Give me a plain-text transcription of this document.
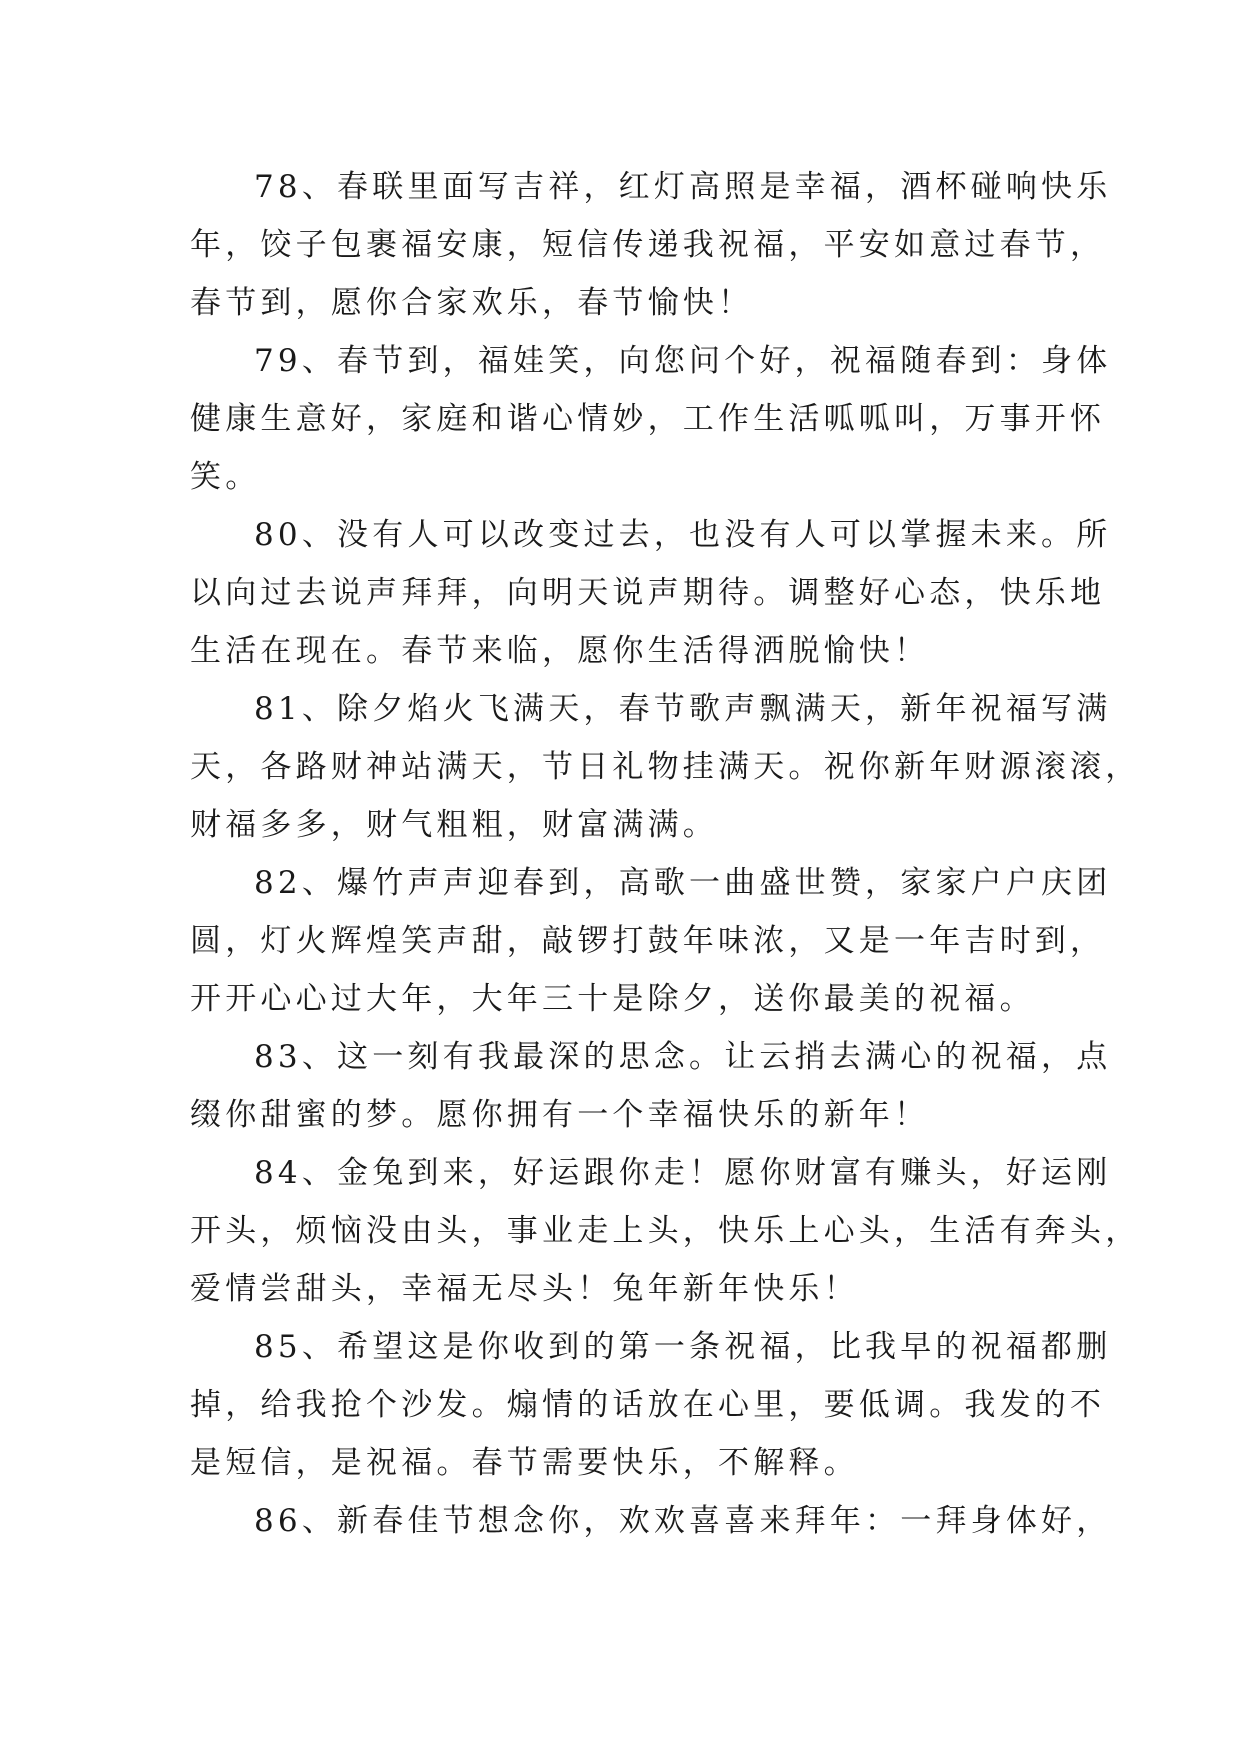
78、春联里面写吉祥，红灯高照是幸福，酒杯碰响快乐
年，饺子包裹福安康，短信传递我祝福，平安如意过春节，
春节到，愿你合家欢乐，春节愉快！
79、春节到，福娃笑，向您问个好，祝福随春到：身体
健康生意好，家庭和谐心情妙，工作生活呱呱叫，万事开怀
笑。
80、没有人可以改变过去，也没有人可以掌握未来。所
以向过去说声拜拜，向明天说声期待。调整好心态，快乐地
生活在现在。春节来临，愿你生活得洒脱愉快！
81、除夕焰火飞满天，春节歌声飘满天，新年祝福写满
天，各路财神站满天，节日礼物挂满天。祝你新年财源滚滚，
财福多多，财气粗粗，财富满满。
82、爆竹声声迎春到，高歌一曲盛世赞，家家户户庆团
圆，灯火辉煌笑声甜，敲锣打鼓年味浓，又是一年吉时到，
开开心心过大年，大年三十是除夕，送你最美的祝福。
83、这一刻有我最深的思念。让云捎去满心的祝福，点
缀你甜蜜的梦。愿你拥有一个幸福快乐的新年！
84、金兔到来，好运跟你走！愿你财富有赚头，好运刚
开头，烦恼没由头，事业走上头，快乐上心头，生活有奔头，
爱情尝甜头，幸福无尽头！兔年新年快乐！
85、希望这是你收到的第一条祝福，比我早的祝福都删
掉，给我抢个沙发。煽情的话放在心里，要低调。我发的不
是短信，是祝福。春节需要快乐，不解释。
86、新春佳节想念你，欢欢喜喜来拜年：一拜身体好，
